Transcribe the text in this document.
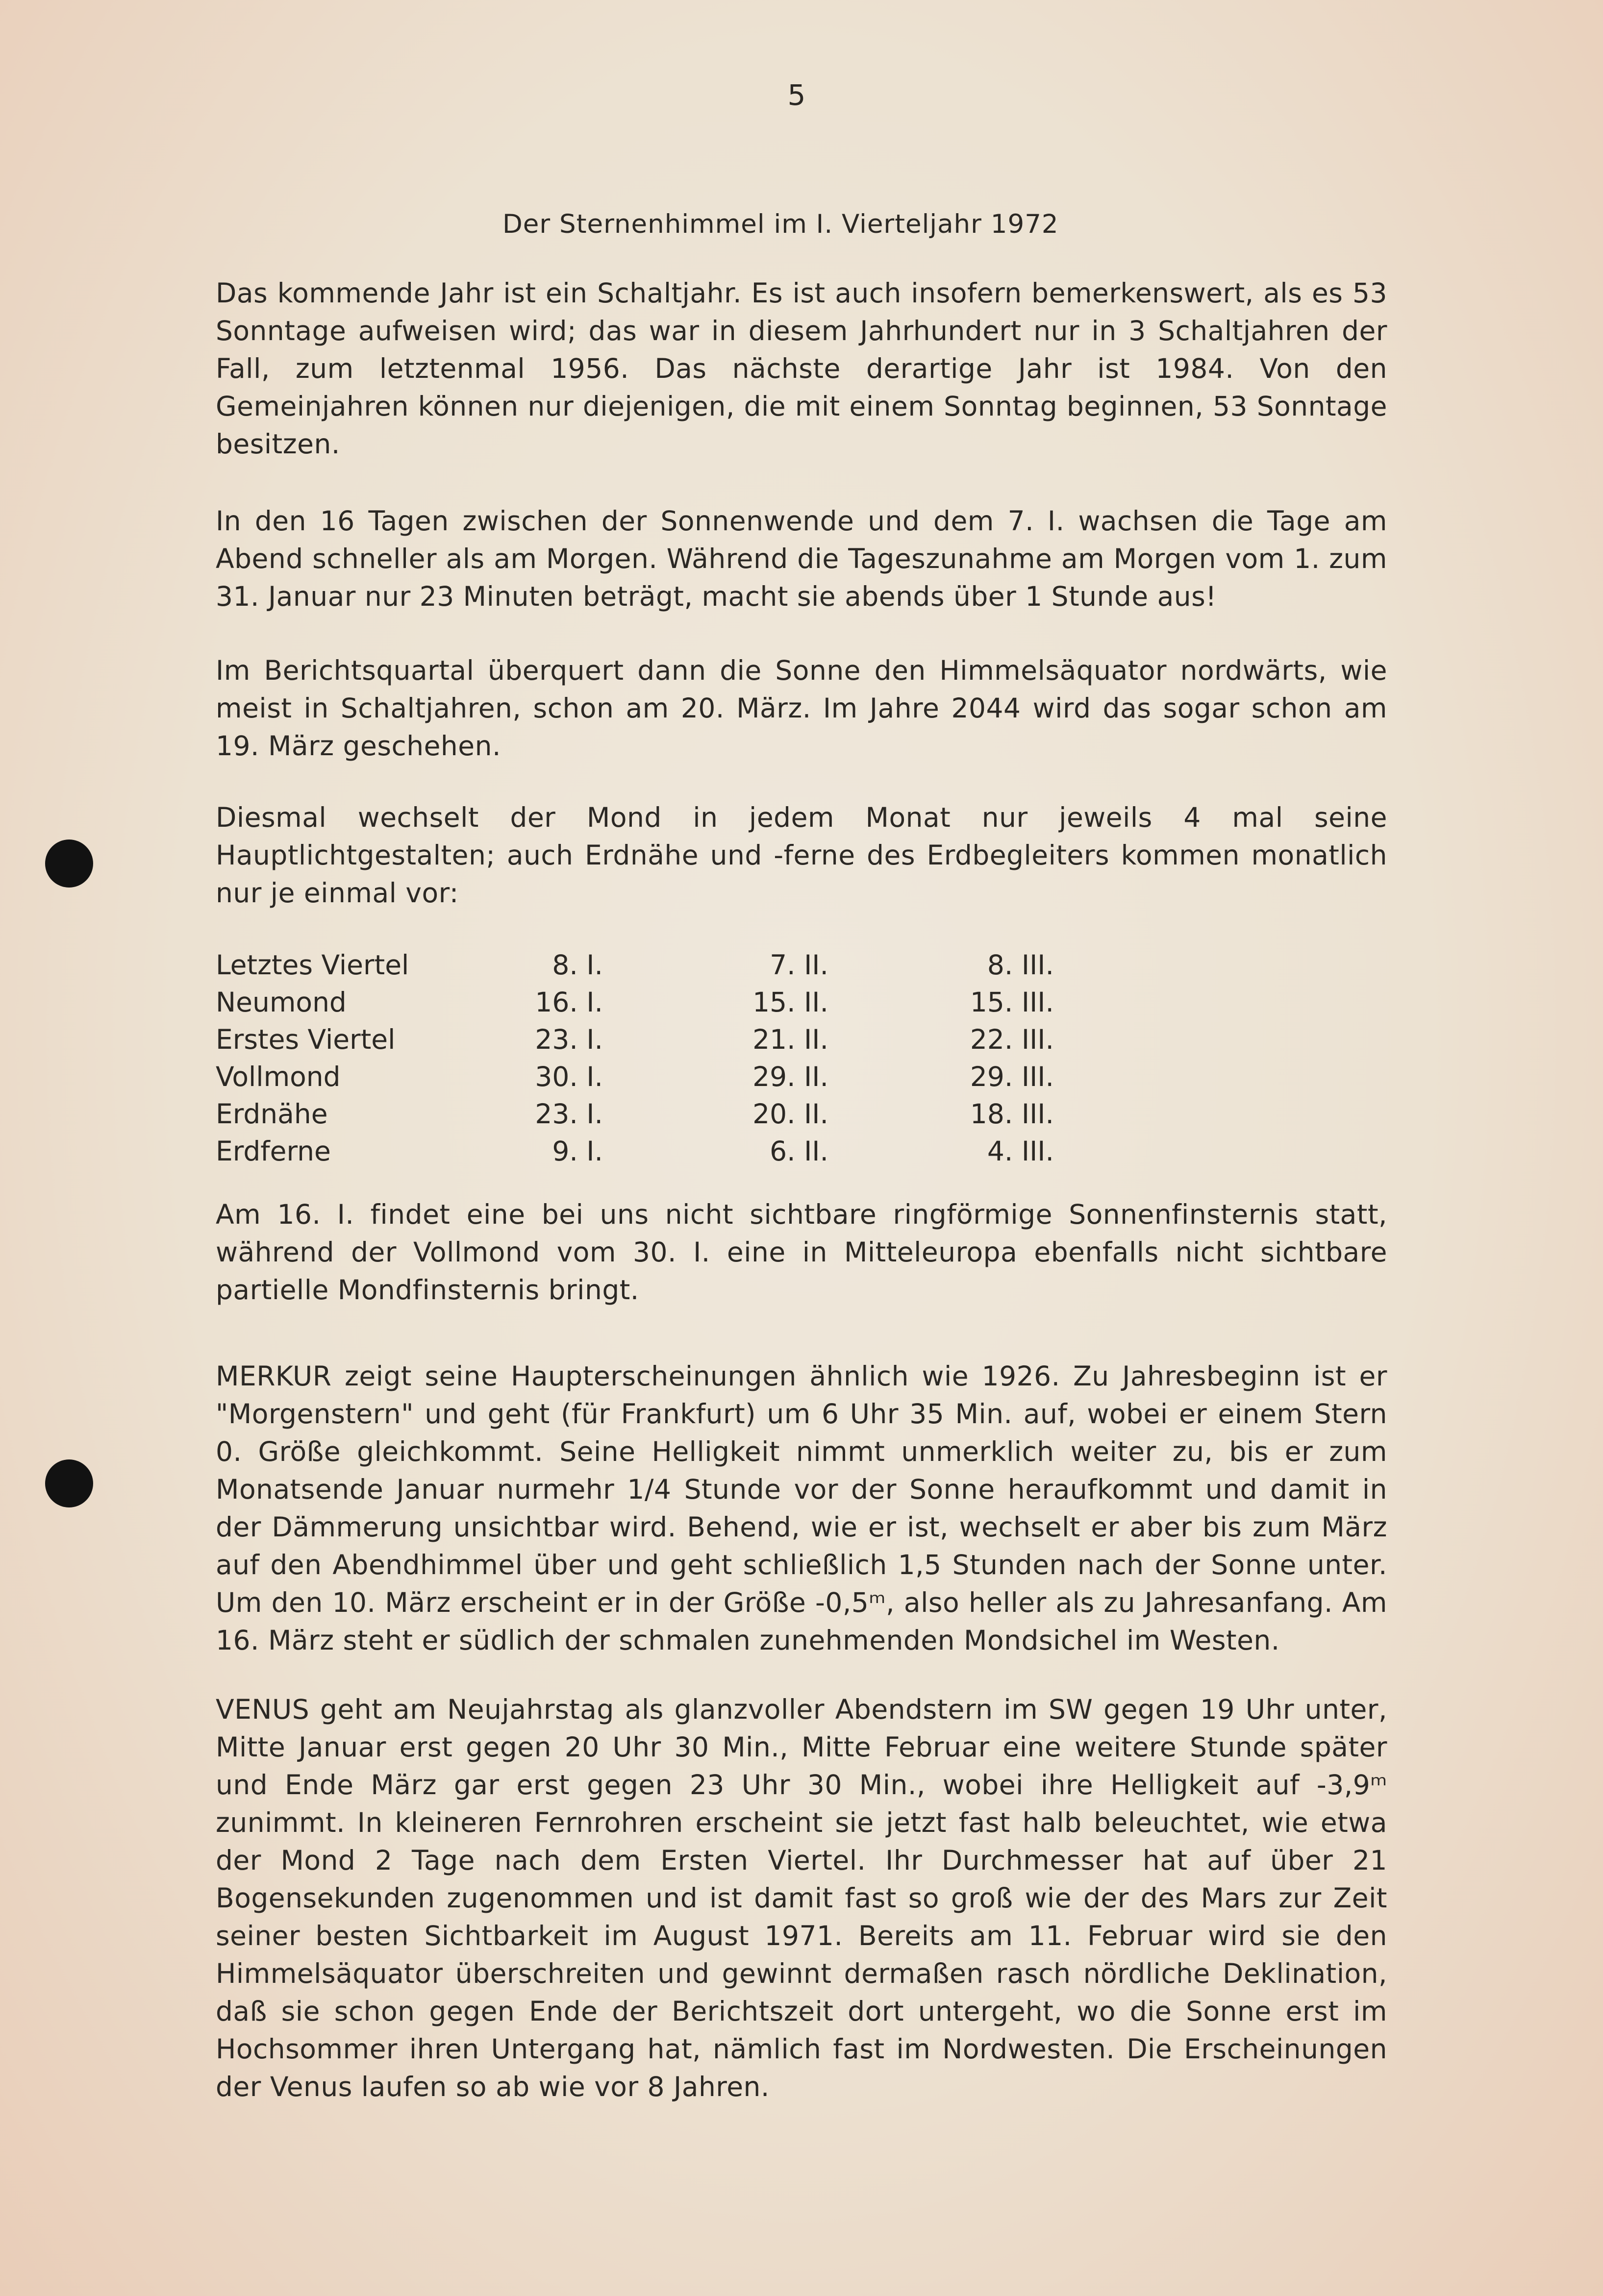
5
Der Sternenhimmel im I. Vierteljahr 1972

Das kommende Jahr ist ein Schaltjahr. Es ist auch insofern bemerkenswert, als es 53 Sonntage aufweisen wird; das war in diesem Jahrhundert nur in 3 Schaltjahren der Fall, zum letztenmal 1956. Das nächste derartige Jahr ist 1984. Von den Gemeinjahren können nur diejenigen, die mit einem Sonntag beginnen, 53 Sonntage besitzen.

In den 16 Tagen zwischen der Sonnenwende und dem 7. I. wachsen die Tage am Abend schneller als am Morgen. Während die Tageszunahme am Morgen vom 1. zum 31. Januar nur 23 Minuten beträgt, macht sie abends über 1 Stunde aus!

Im Berichtsquartal überquert dann die Sonne den Himmelsäquator nordwärts, wie meist in Schaltjahren, schon am 20. März. Im Jahre 2044 wird das sogar schon am 19. März geschehen.

Diesmal wechselt der Mond in jedem Monat nur jeweils 4 mal seine Hauptlichtgestalten; auch Erdnähe und -ferne des Erdbegleiters kommen monatlich nur je einmal vor:

Letztes Viertel	8. I.	7. II.	8. III.
Neumond	16. I.	15. II.	15. III.
Erstes Viertel	23. I.	21. II.	22. III.
Vollmond	30. I.	29. II.	29. III.
Erdnähe	23. I.	20. II.	18. III.
Erdferne	9. I.	6. II.	4. III.

Am 16. I. findet eine bei uns nicht sichtbare ringförmige Sonnenfinsternis statt, während der Vollmond vom 30. I. eine in Mitteleuropa ebenfalls nicht sichtbare partielle Mondfinsternis bringt.

MERKUR zeigt seine Haupterscheinungen ähnlich wie 1926. Zu Jahresbeginn ist er "Morgenstern" und geht (für Frankfurt) um 6 Uhr 35 Min. auf, wobei er einem Stern 0. Größe gleichkommt. Seine Helligkeit nimmt unmerklich weiter zu, bis er zum Monatsende Januar nurmehr 1/4 Stunde vor der Sonne heraufkommt und damit in der Dämmerung unsichtbar wird. Behend, wie er ist, wechselt er aber bis zum März auf den Abendhimmel über und geht schließlich 1,5 Stunden nach der Sonne unter. Um den 10. März erscheint er in der Größe -0,5ᵐ, also heller als zu Jahresanfang. Am 16. März steht er südlich der schmalen zunehmenden Mondsichel im Westen.

VENUS geht am Neujahrstag als glanzvoller Abendstern im SW gegen 19 Uhr unter, Mitte Januar erst gegen 20 Uhr 30 Min., Mitte Februar eine weitere Stunde später und Ende März gar erst gegen 23 Uhr 30 Min., wobei ihre Helligkeit auf -3,9ᵐ zunimmt. In kleineren Fernrohren erscheint sie jetzt fast halb beleuchtet, wie etwa der Mond 2 Tage nach dem Ersten Viertel. Ihr Durchmesser hat auf über 21 Bogensekunden zugenommen und ist damit fast so groß wie der des Mars zur Zeit seiner besten Sichtbarkeit im August 1971. Bereits am 11. Februar wird sie den Himmelsäquator überschreiten und gewinnt dermaßen rasch nördliche Deklination, daß sie schon gegen Ende der Berichtszeit dort untergeht, wo die Sonne erst im Hochsommer ihren Untergang hat, nämlich fast im Nordwesten. Die Erscheinungen der Venus laufen so ab wie vor 8 Jahren.
